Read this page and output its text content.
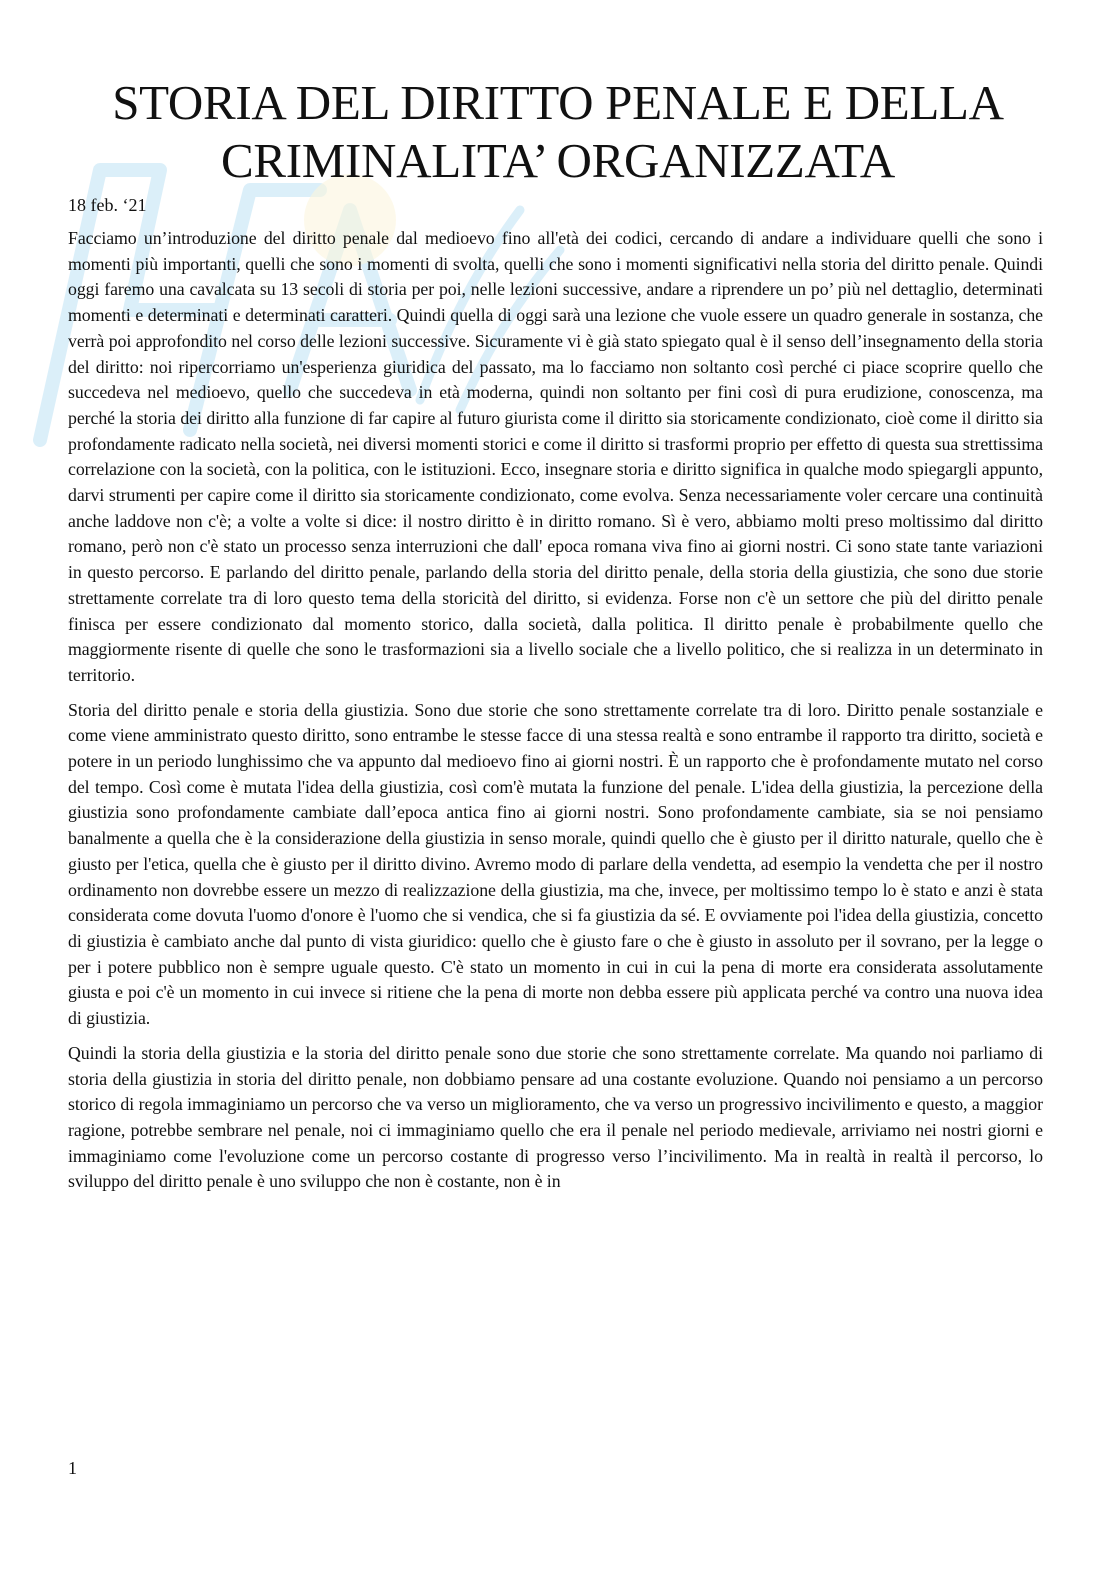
STORIA DEL DIRITTO PENALE E DELLA CRIMINALITA’ ORGANIZZATA
18 feb. ‘21

Facciamo un’introduzione del diritto penale dal medioevo fino all'età dei codici, cercando di andare a individuare quelli che sono i momenti più importanti, quelli che sono i momenti di svolta, quelli che sono i momenti significativi nella storia del diritto penale. Quindi oggi faremo una cavalcata su 13 secoli di storia per poi, nelle lezioni successive, andare a riprendere un po’ più nel dettaglio, determinati momenti e determinati e determinati caratteri. Quindi quella di oggi sarà una lezione che vuole essere un quadro generale in sostanza, che verrà poi approfondito nel corso delle lezioni successive. Sicuramente vi è già stato spiegato qual è il senso dell’insegnamento della storia del diritto: noi ripercorriamo un'esperienza giuridica del passato, ma lo facciamo non soltanto così perché ci piace scoprire quello che succedeva nel medioevo, quello che succedeva in età moderna, quindi non soltanto per fini così di pura erudizione, conoscenza, ma perché la storia dei diritto alla funzione di far capire al futuro giurista come il diritto sia storicamente condizionato, cioè come il diritto sia profondamente radicato nella società, nei diversi momenti storici e come il diritto si trasformi proprio per effetto di questa sua strettissima correlazione con la società, con la politica, con le istituzioni. Ecco, insegnare storia e diritto significa in qualche modo spiegargli appunto, darvi strumenti per capire come il diritto sia storicamente condizionato, come evolva. Senza necessariamente voler cercare una continuità anche laddove non c'è; a volte a volte si dice: il nostro diritto è in diritto romano. Sì è vero, abbiamo molti preso moltissimo dal diritto romano, però non c'è stato un processo senza interruzioni che dall' epoca romana viva fino ai giorni nostri. Ci sono state tante variazioni in questo percorso. E parlando del diritto penale, parlando della storia del diritto penale, della storia della giustizia, che sono due storie strettamente correlate tra di loro questo tema della storicità del diritto, si evidenza. Forse non c'è un settore che più del diritto penale finisca per essere condizionato dal momento storico, dalla società, dalla politica. Il diritto penale è probabilmente quello che maggiormente risente di quelle che sono le trasformazioni sia a livello sociale che a livello politico, che si realizza in un determinato in territorio.

Storia del diritto penale e storia della giustizia. Sono due storie che sono strettamente correlate tra di loro. Diritto penale sostanziale e come viene amministrato questo diritto, sono entrambe le stesse facce di una stessa realtà e sono entrambe il rapporto tra diritto, società e potere in un periodo lunghissimo che va appunto dal medioevo fino ai giorni nostri. È un rapporto che è profondamente mutato nel corso del tempo. Così come è mutata l'idea della giustizia, così com'è mutata la funzione del penale. L'idea della giustizia, la percezione della giustizia sono profondamente cambiate dall’epoca antica fino ai giorni nostri. Sono profondamente cambiate, sia se noi pensiamo banalmente a quella che è la considerazione della giustizia in senso morale, quindi quello che è giusto per il diritto naturale, quello che è giusto per l'etica, quella che è giusto per il diritto divino. Avremo modo di parlare della vendetta, ad esempio la vendetta che per il nostro ordinamento non dovrebbe essere un mezzo di realizzazione della giustizia, ma che, invece, per moltissimo tempo lo è stato e anzi è stata considerata come dovuta l'uomo d'onore è l'uomo che si vendica, che si fa giustizia da sé. E ovviamente poi l'idea della giustizia, concetto di giustizia è cambiato anche dal punto di vista giuridico: quello che è giusto fare o che è giusto in assoluto per il sovrano, per la legge o per i potere pubblico non è sempre uguale questo. C'è stato un momento in cui in cui la pena di morte era considerata assolutamente giusta e poi c'è un momento in cui invece si ritiene che la pena di morte non debba essere più applicata perché va contro una nuova idea di giustizia.

Quindi la storia della giustizia e la storia del diritto penale sono due storie che sono strettamente correlate. Ma quando noi parliamo di storia della giustizia in storia del diritto penale, non dobbiamo pensare ad una costante evoluzione. Quando noi pensiamo a un percorso storico di regola immaginiamo un percorso che va verso un miglioramento, che va verso un progressivo incivilimento e questo, a maggior ragione, potrebbe sembrare nel penale, noi ci immaginiamo quello che era il penale nel periodo medievale, arriviamo nei nostri giorni e immaginiamo come l'evoluzione come un percorso costante di progresso verso l’incivilimento. Ma in realtà in realtà il percorso, lo sviluppo del diritto penale è uno sviluppo che non è costante, non è in

1
